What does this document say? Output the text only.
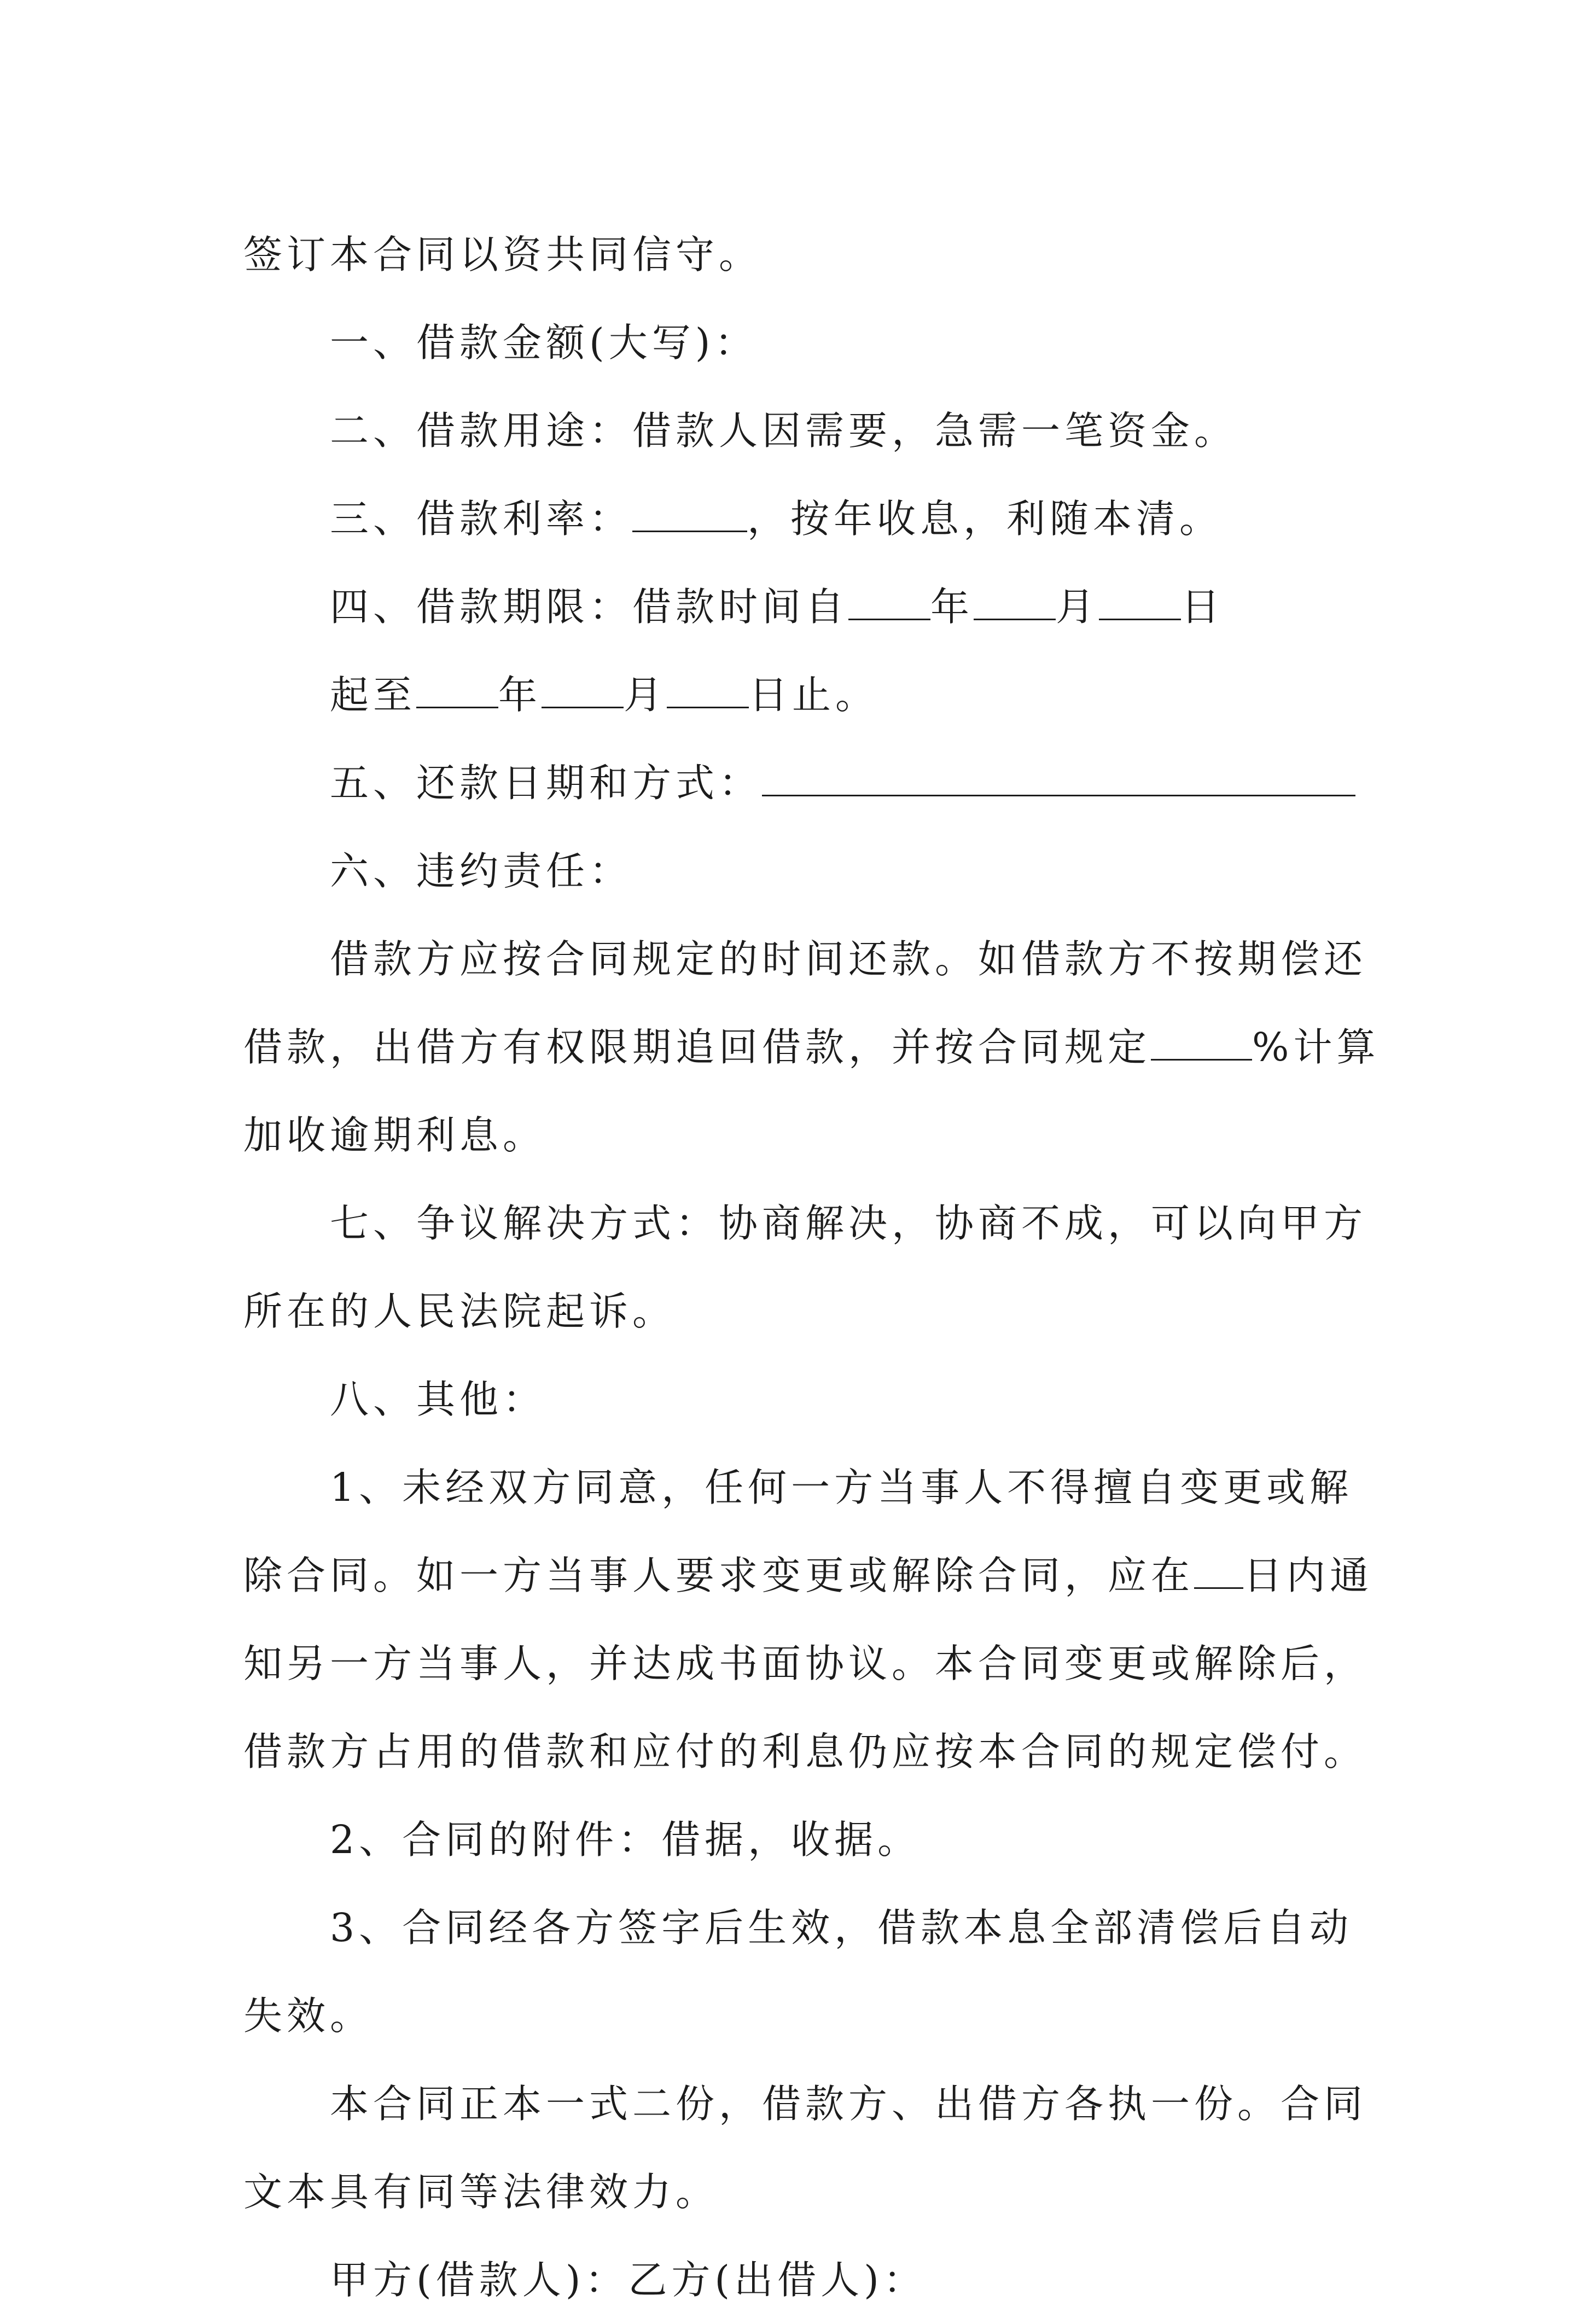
签订本合同以资共同信守。
一、借款金额(大写)：
二、借款用途：借款人因需要，急需一笔资金。
三、借款利率：	，按年收息，利随本清。
四、借款期限：借款时间自 年 月 日
起至 年 月 日止。
五、还款日期和方式：
六、违约责任：
借款方应按合同规定的时间还款。如借款方不按期偿还
借款，出借方有权限期追回借款，并按合同规定	%计算
加收逾期利息。
七、争议解决方式：协商解决，协商不成，可以向甲方
所在的人民法院起诉。
八、其他：
1、未经双方同意，任何一方当事人不得擅自变更或解
除合同。如一方当事人要求变更或解除合同，应在 日内通
知另一方当事人，并达成书面协议。本合同变更或解除后，
借款方占用的借款和应付的利息仍应按本合同的规定偿付。
2、合同的附件：借据，收据。
3、合同经各方签字后生效，借款本息全部清偿后自动
失效。
本合同正本一式二份，借款方、出借方各执一份。合同
文本具有同等法律效力。
甲方(借款人)：乙方(出借人)：
